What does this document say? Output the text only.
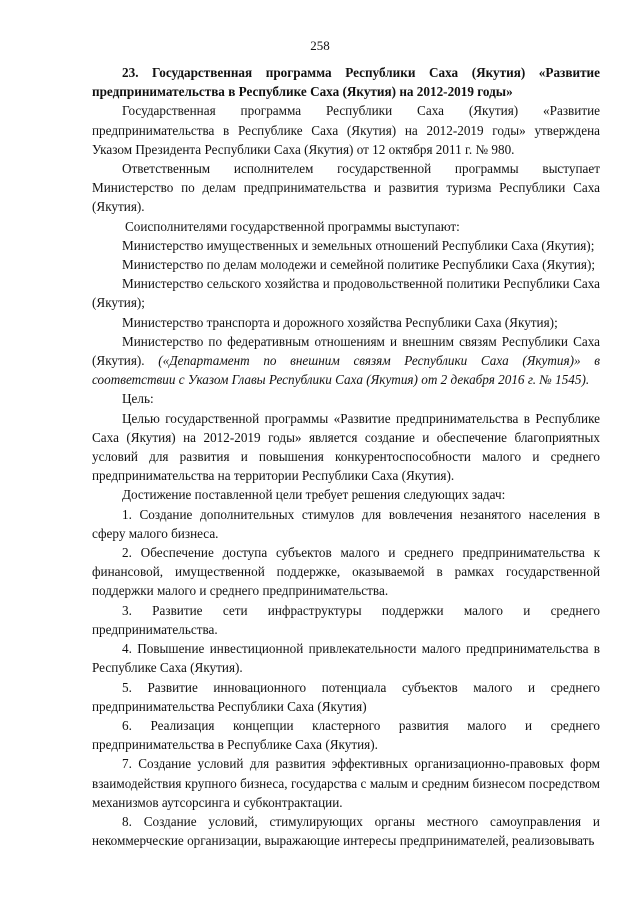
258

23. Государственная программа Республики Саха (Якутия) «Развитие предпринимательства в Республике Саха (Якутия) на 2012-2019 годы»

Государственная программа Республики Саха (Якутия) «Развитие предпринимательства в Республике Саха (Якутия) на 2012-2019 годы» утверждена Указом Президента Республики Саха (Якутия) от 12 октября 2011 г. № 980.

Ответственным исполнителем государственной программы выступает Министерство по делам предпринимательства и развития туризма Республики Саха (Якутия).

Соисполнителями государственной программы выступают:

Министерство имущественных и земельных отношений Республики Саха (Якутия);

Министерство по делам молодежи и семейной политике Республики Саха (Якутия);

Министерство сельского хозяйства и продовольственной политики Республики Саха (Якутия);

Министерство транспорта и дорожного хозяйства Республики Саха (Якутия);

Министерство по федеративным отношениям и внешним связям Республики Саха (Якутия). («Департамент по внешним связям Республики Саха (Якутия)» в соответствии с Указом Главы Республики Саха (Якутия) от 2 декабря 2016 г. № 1545).

Цель:

Целью государственной программы «Развитие предпринимательства в Республике Саха (Якутия) на 2012-2019 годы» является создание и обеспечение благоприятных условий для развития и повышения конкурентоспособности малого и среднего предпринимательства на территории Республики Саха (Якутия).

Достижение поставленной цели требует решения следующих задач:

1. Создание дополнительных стимулов для вовлечения незанятого населения в сферу малого бизнеса.

2. Обеспечение доступа субъектов малого и среднего предпринимательства к финансовой, имущественной поддержке, оказываемой в рамках государственной поддержки малого и среднего предпринимательства.

3. Развитие сети инфраструктуры поддержки малого и среднего предпринимательства.

4. Повышение инвестиционной привлекательности малого предпринимательства в Республике Саха (Якутия).

5. Развитие инновационного потенциала субъектов малого и среднего предпринимательства Республики Саха (Якутия)

6. Реализация концепции кластерного развития малого и среднего предпринимательства в Республике Саха (Якутия).

7. Создание условий для развития эффективных организационно-правовых форм взаимодействия крупного бизнеса, государства с малым и средним бизнесом посредством механизмов аутсорсинга и субконтрактации.

8. Создание условий, стимулирующих органы местного самоуправления и некоммерческие организации, выражающие интересы предпринимателей, реализовывать
